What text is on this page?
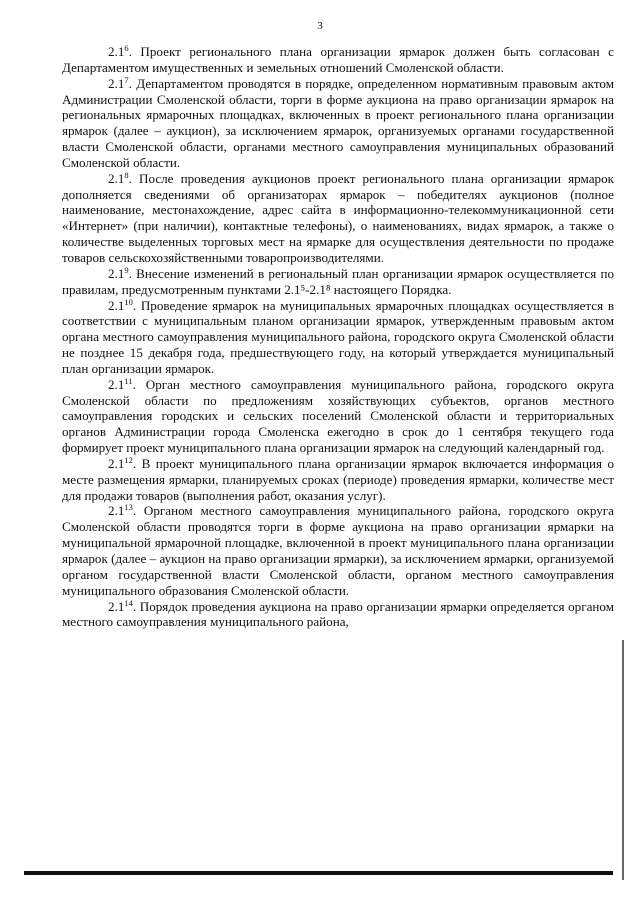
3

$2.1^6$. Проект регионального плана организации ярмарок должен быть согласован с Департаментом имущественных и земельных отношений Смоленской области.

$2.1^7$. Департаментом проводятся в порядке, определенном нормативным правовым актом Администрации Смоленской области, торги в форме аукциона на право организации ярмарок на региональных ярмарочных площадках, включенных в проект регионального плана организации ярмарок (далее – аукцион), за исключением ярмарок, организуемых органами государственной власти Смоленской области, органами местного самоуправления муниципальных образований Смоленской области.

$2.1^8$. После проведения аукционов проект регионального плана организации ярмарок дополняется сведениями об организаторах ярмарок – победителях аукционов (полное наименование, местонахождение, адрес сайта в информационно-телекоммуникационной сети «Интернет» (при наличии), контактные телефоны), о наименованиях, видах ярмарок, а также о количестве выделенных торговых мест на ярмарке для осуществления деятельности по продаже товаров сельскохозяйственными товаропроизводителями.

$2.1^9$. Внесение изменений в региональный план организации ярмарок осуществляется по правилам, предусмотренным пунктами 2.1⁵-2.1⁸ настоящего Порядка.

$2.1^{10}$. Проведение ярмарок на муниципальных ярмарочных площадках осуществляется в соответствии с муниципальным планом организации ярмарок, утвержденным правовым актом органа местного самоуправления муниципального района, городского округа Смоленской области не позднее 15 декабря года, предшествующего году, на который утверждается муниципальный план организации ярмарок.

$2.1^{11}$. Орган местного самоуправления муниципального района, городского округа Смоленской области по предложениям хозяйствующих субъектов, органов местного самоуправления городских и сельских поселений Смоленской области и территориальных органов Администрации города Смоленска ежегодно в срок до 1 сентября текущего года формирует проект муниципального плана организации ярмарок на следующий календарный год.

$2.1^{12}$. В проект муниципального плана организации ярмарок включается информация о месте размещения ярмарки, планируемых сроках (периоде) проведения ярмарки, количестве мест для продажи товаров (выполнения работ, оказания услуг).

$2.1^{13}$. Органом местного самоуправления муниципального района, городского округа Смоленской области проводятся торги в форме аукциона на право организации ярмарки на муниципальной ярмарочной площадке, включенной в проект муниципального плана организации ярмарок (далее – аукцион на право организации ярмарки), за исключением ярмарки, организуемой органом государственной власти Смоленской области, органом местного самоуправления муниципального образования Смоленской области.

$2.1^{14}$. Порядок проведения аукциона на право организации ярмарки определяется органом местного самоуправления муниципального района,
